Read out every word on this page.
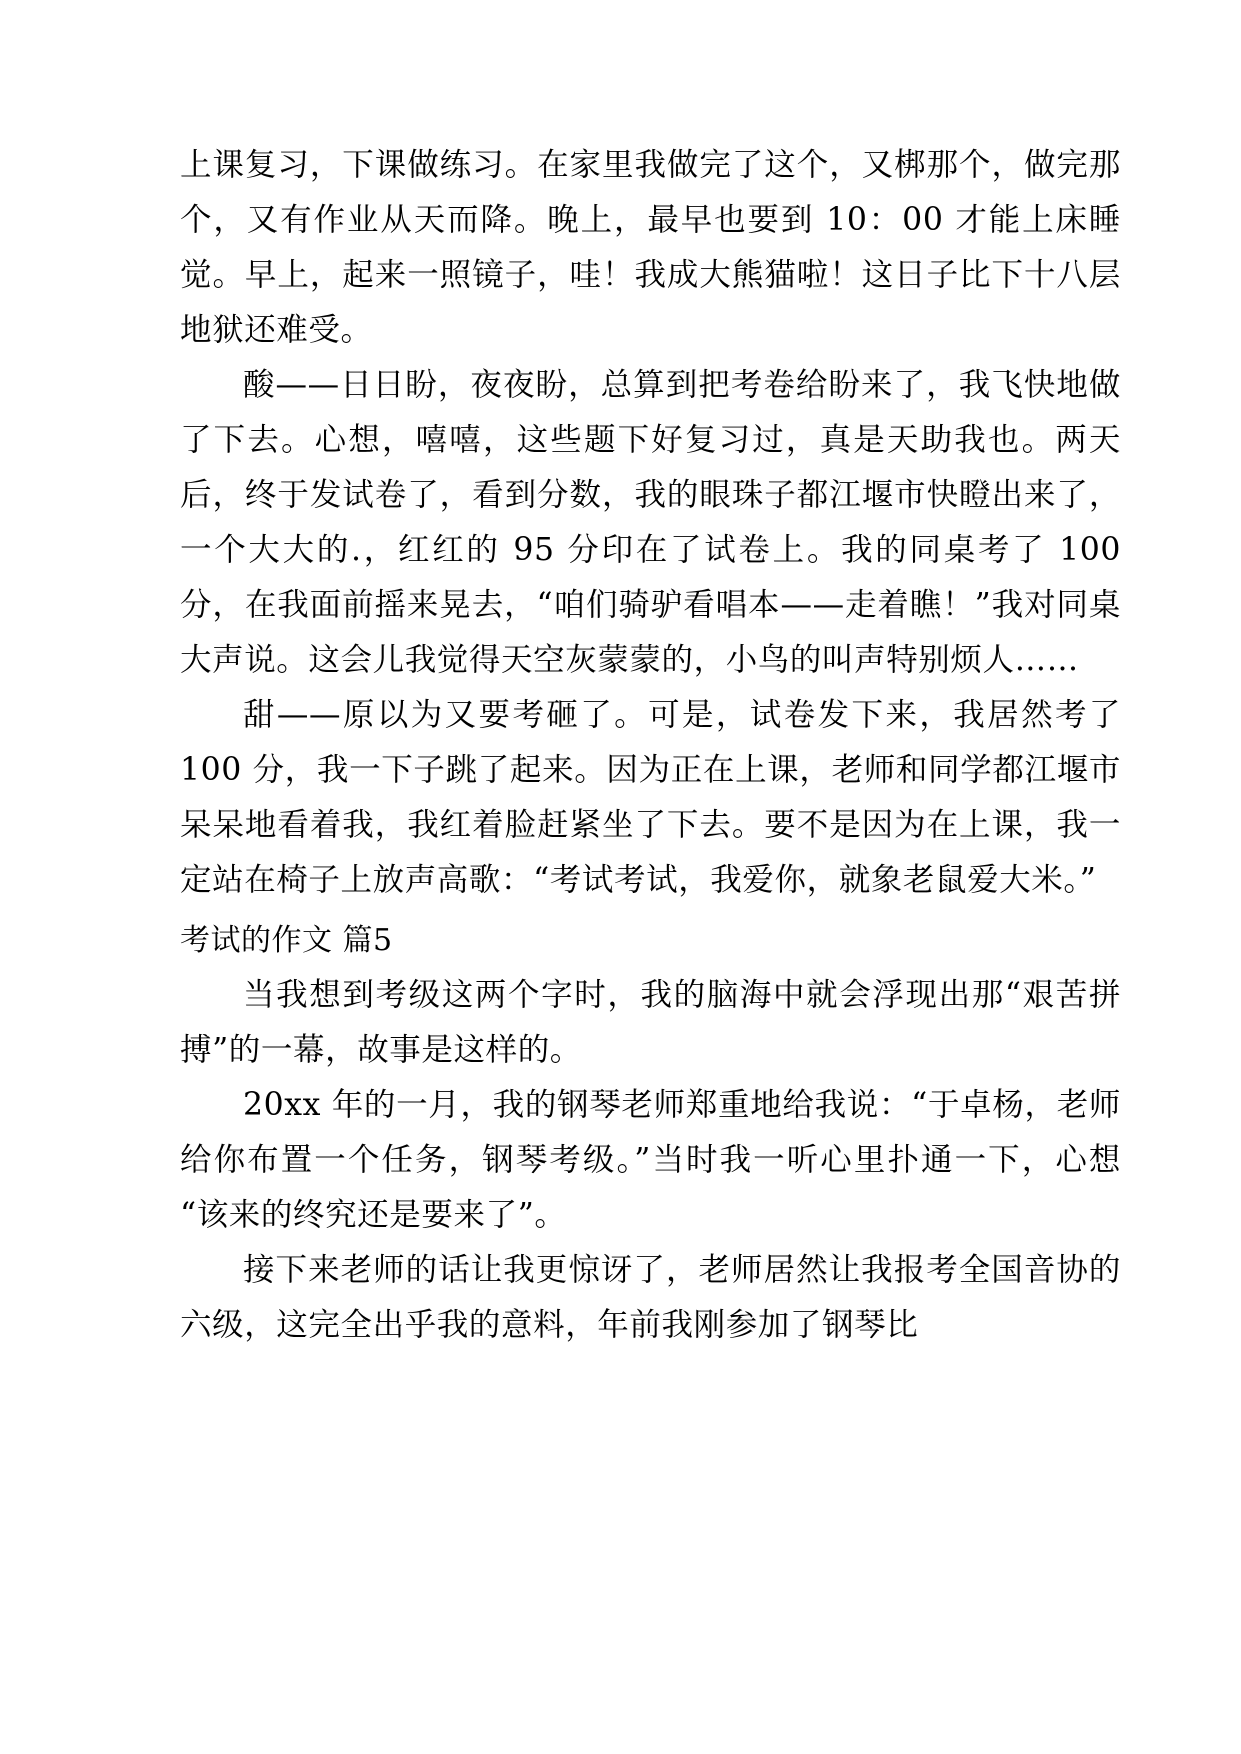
上课复习，下课做练习。在家里我做完了这个，又梆那个，做完那个，又有作业从天而降。晚上，最早也要到 10：00 才能上床睡觉。早上，起来一照镜子，哇！我成大熊猫啦！这日子比下十八层地狱还难受。

酸——日日盼，夜夜盼，总算到把考卷给盼来了，我飞快地做了下去。心想，嘻嘻，这些题下好复习过，真是天助我也。两天后，终于发试卷了，看到分数，我的眼珠子都江堰市快瞪出来了，一个大大的.，红红的 95 分印在了试卷上。我的同桌考了 100 分，在我面前摇来晃去，“咱们骑驴看唱本——走着瞧！”我对同桌大声说。这会儿我觉得天空灰蒙蒙的，小鸟的叫声特别烦人……

甜——原以为又要考砸了。可是，试卷发下来，我居然考了 100 分，我一下子跳了起来。因为正在上课，老师和同学都江堰市呆呆地看着我，我红着脸赶紧坐了下去。要不是因为在上课，我一定站在椅子上放声高歌：“考试考试，我爱你，就象老鼠爱大米。”

考试的作文 篇5

当我想到考级这两个字时，我的脑海中就会浮现出那“艰苦拼搏”的一幕，故事是这样的。

20xx 年的一月，我的钢琴老师郑重地给我说：“于卓杨，老师给你布置一个任务，钢琴考级。”当时我一听心里扑通一下，心想“该来的终究还是要来了”。

接下来老师的话让我更惊讶了，老师居然让我报考全国音协的六级，这完全出乎我的意料，年前我刚参加了钢琴比
